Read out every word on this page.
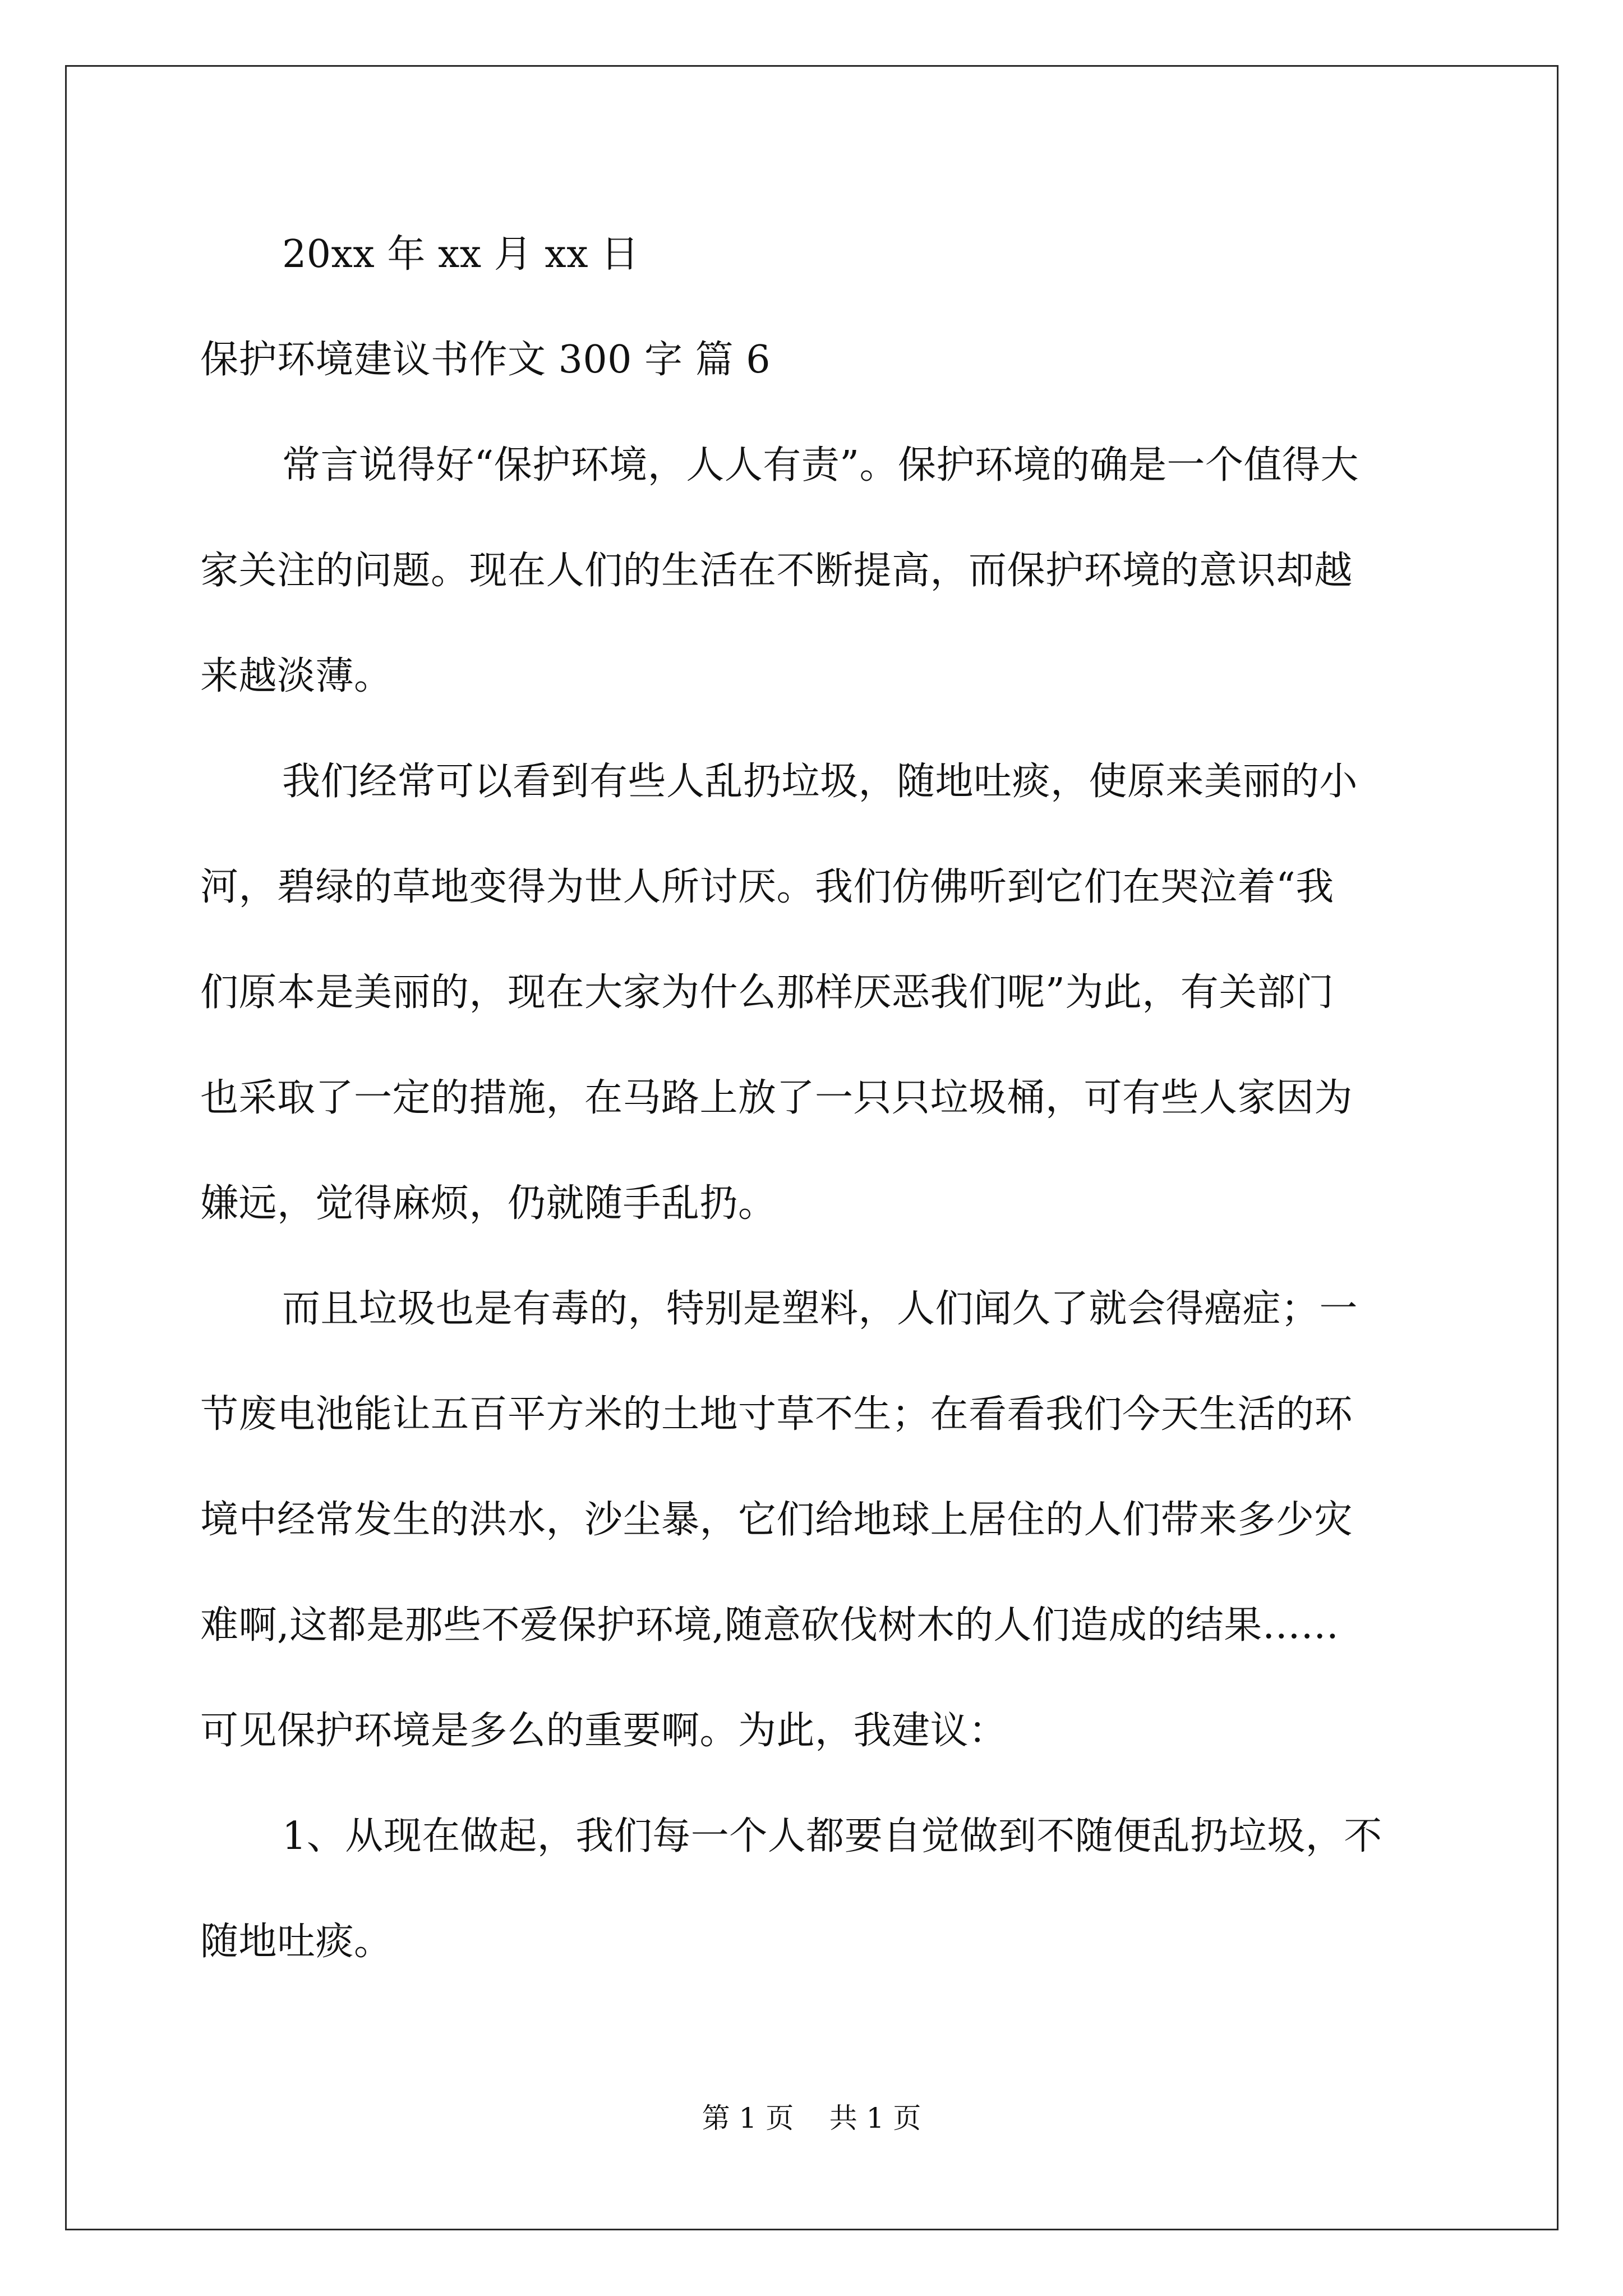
20xx 年 xx 月 xx 日
保护环境建议书作文 300 字 篇 6
常言说得好“保护环境，人人有责”。保护环境的确是一个值得大
家关注的问题。现在人们的生活在不断提高，而保护环境的意识却越
来越淡薄。
我们经常可以看到有些人乱扔垃圾，随地吐痰，使原来美丽的小
河，碧绿的草地变得为世人所讨厌。我们仿佛听到它们在哭泣着“我
们原本是美丽的，现在大家为什么那样厌恶我们呢”为此，有关部门
也采取了一定的措施，在马路上放了一只只垃圾桶，可有些人家因为
嫌远，觉得麻烦，仍就随手乱扔。
而且垃圾也是有毒的，特别是塑料，人们闻久了就会得癌症；一
节废电池能让五百平方米的土地寸草不生；在看看我们今天生活的环
境中经常发生的洪水，沙尘暴，它们给地球上居住的人们带来多少灾
难啊,这都是那些不爱保护环境,随意砍伐树木的人们造成的结果……
可见保护环境是多么的重要啊。为此，我建议：
1、从现在做起，我们每一个人都要自觉做到不随便乱扔垃圾，不
随地吐痰。
第 1 页    共 1 页
